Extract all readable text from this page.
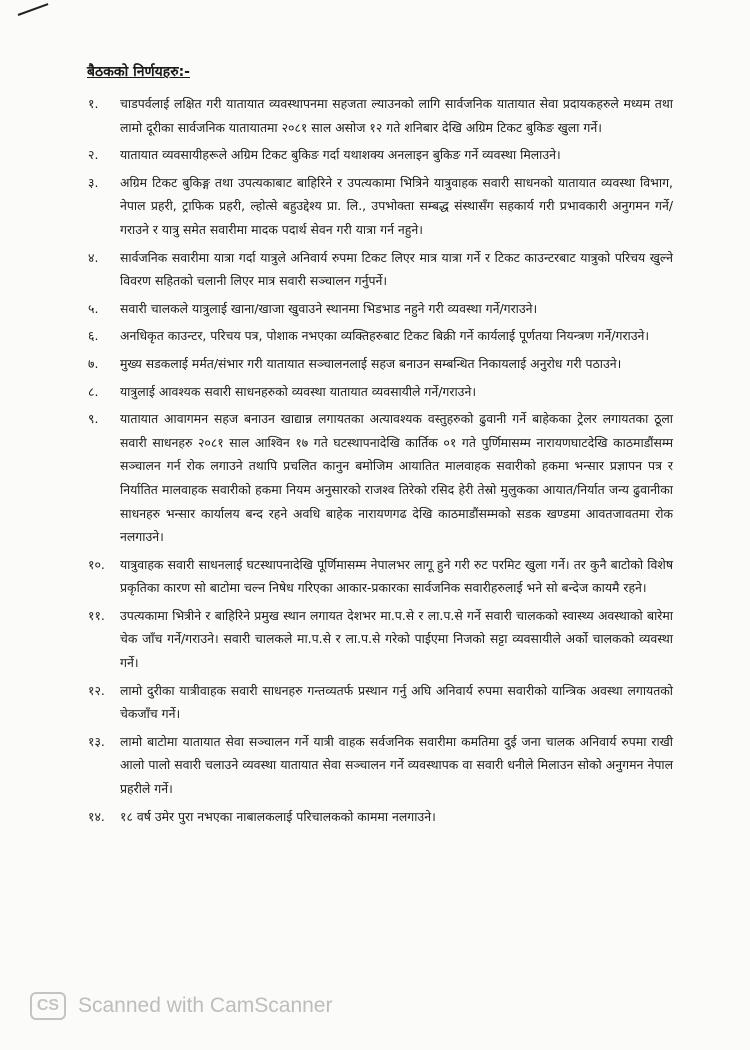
बैठकको निर्णयहरु:-
१.	चाडपर्वलाई लक्षित गरी यातायात व्यवस्थापनमा सहजता ल्याउनको लागि सार्वजनिक यातायात सेवा प्रदायकहरुले मध्यम तथा लामो दूरीका सार्वजनिक यातायातमा २०८१ साल असोज १२ गते शनिबार देखि अग्रिम टिकट बुकिङ खुला गर्ने।
२.	यातायात व्यवसायीहरूले अग्रिम टिकट बुकिङ गर्दा यथाशक्य अनलाइन बुकिङ गर्ने व्यवस्था मिलाउने।
३.	अग्रिम टिकट बुकिङ्ग तथा उपत्यकाबाट बाहिरिने र उपत्यकामा भित्रिने यात्रुवाहक सवारी साधनको यातायात व्यवस्था विभाग, नेपाल प्रहरी, ट्राफिक प्रहरी, ल्होत्से बहुउद्देश्य प्रा. लि., उपभोक्ता सम्बद्ध संस्थासँग सहकार्य गरी प्रभावकारी अनुगमन गर्ने/गराउने र यात्रु समेत सवारीमा मादक पदार्थ सेवन गरी यात्रा गर्न नहुने।
४.	सार्वजनिक सवारीमा यात्रा गर्दा यात्रुले अनिवार्य रुपमा टिकट लिएर मात्र यात्रा गर्ने र टिकट काउन्टरबाट यात्रुको परिचय खुल्ने विवरण सहितको चलानी लिएर मात्र सवारी सञ्चालन गर्नुपर्ने।
५.	सवारी चालकले यात्रुलाई खाना/खाजा खुवाउने स्थानमा भिडभाड नहुने गरी व्यवस्था गर्ने/गराउने।
६.	अनधिकृत काउन्टर, परिचय पत्र, पोशाक नभएका व्यक्तिहरुबाट टिकट बिक्री गर्ने कार्यलाई पूर्णतया नियन्त्रण गर्ने/गराउने।
७.	मुख्य सडकलाई मर्मत/संभार गरी यातायात सञ्चालनलाई सहज बनाउन सम्बन्धित निकायलाई अनुरोध गरी पठाउने।
८.	यात्रुलाई आवश्यक सवारी साधनहरुको व्यवस्था यातायात व्यवसायीले गर्ने/गराउने।
९.	यातायात आवागमन सहज बनाउन खाद्यान्न लगायतका अत्यावश्यक वस्तुहरुको ढुवानी गर्ने बाहेकका ट्रेलर लगायतका ठूला सवारी साधनहरु २०८१ साल आश्विन १७ गते घटस्थापनादेखि कार्तिक ०१ गते पुर्णिमासम्म नारायणघाटदेखि काठमाडौंसम्म सञ्चालन गर्न रोक लगाउने तथापि प्रचलित कानुन बमोजिम आयातित मालवाहक सवारीको हकमा भन्सार प्रज्ञापन पत्र र निर्यातित मालवाहक सवारीको हकमा नियम अनुसारको राजश्व तिरेको रसिद हेरी तेस्रो मुलुकका आयात/निर्यात जन्य ढुवानीका साधनहरु भन्सार कार्यालय बन्द रहने अवधि बाहेक नारायणगढ देखि काठमाडौंसम्मको सडक खण्डमा आवतजावतमा रोक नलगाउने।
१०.	यात्रुवाहक सवारी साधनलाई घटस्थापनादेखि पूर्णिमासम्म नेपालभर लागू हुने गरी रुट परमिट खुला गर्ने। तर कुनै बाटोको विशेष प्रकृतिका कारण सो बाटोमा चल्न निषेध गरिएका आकार-प्रकारका सार्वजनिक सवारीहरुलाई भने सो बन्देज कायमै रहने।
११.	उपत्यकामा भित्रीने र बाहिरिने प्रमुख स्थान लगायत देशभर मा.प.से र ला.प.से गर्ने सवारी चालकको स्वास्थ्य अवस्थाको बारेमा चेक जाँच गर्ने/गराउने। सवारी चालकले मा.प.से र ला.प.से गरेको पाईएमा निजको सट्टा व्यवसायीले अर्को चालकको व्यवस्था गर्ने।
१२.	लामो दुरीका यात्रीवाहक सवारी साधनहरु गन्तव्यतर्फ प्रस्थान गर्नु अघि अनिवार्य रुपमा सवारीको यान्त्रिक अवस्था लगायतको चेकजाँच गर्ने।
१३.	लामो बाटोमा यातायात सेवा सञ्चालन गर्ने यात्री वाहक सर्वजनिक सवारीमा कमतिमा दुई जना चालक अनिवार्य रुपमा राखी आलो पालो सवारी चलाउने व्यवस्था यातायात सेवा सञ्चालन गर्ने व्यवस्थापक वा सवारी धनीले मिलाउन सोको अनुगमन नेपाल प्रहरीले गर्ने।
१४.	१८ वर्ष उमेर पुरा नभएका नाबालकलाई परिचालकको काममा नलगाउने।
CS Scanned with CamScanner
